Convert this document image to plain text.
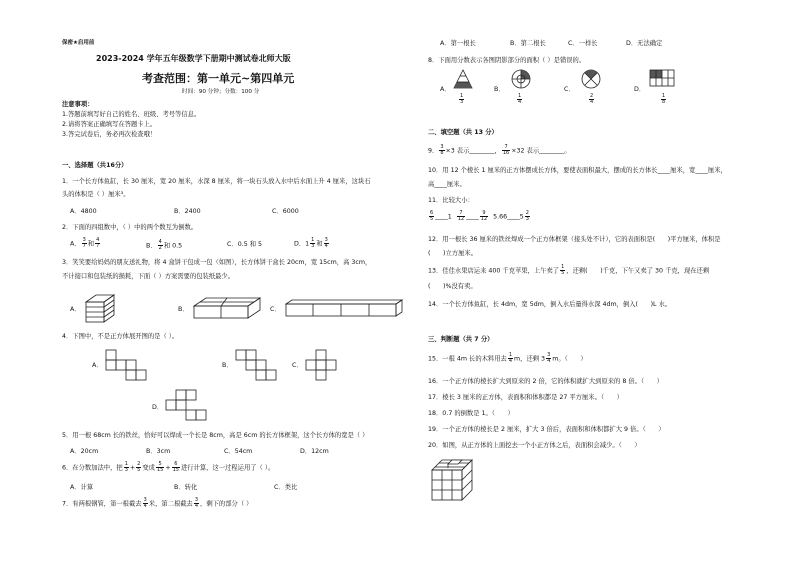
保密★启用前
2023-2024 学年五年级数学下册期中测试卷北师大版
考查范围：第一单元~第四单元
时间：90 分钟；分数：100 分
注意事项：
1.答题前填写好自己的姓名、班级、考号等信息。
2.请将答案正确填写在答题卡上。
3.答完试卷后，务必再次检查哦！
一、选择题（共16分）
1．一个长方体鱼缸，长 30 厘米，宽 20 厘米，水深 8 厘米，将一块石头放入水中后水面上升 4 厘米，这块石
头的体积是（ ）厘米³。
A．4800	B．2400	C．6000
2．下面的四组数中，（ ）中的两个数互为倒数。
A． $\frac{3}{7}$ 和 $\frac{4}{7}$	B． $\frac{4}{2}$ 和 0.5	C．0.5 和 5	D．$1 \frac{1}{3}$ 和 $\frac{3}{4}$
3．笑笑要给妈妈的朋友送礼物，将 4 盒饼干包成一包（如图），长方体饼干盒长 20cm，宽 15cm，高 3cm，
不计接口和包装纸的损耗，下面（ ）方案需要的包装纸最少。
A．	B．	C．
4．下图中，不是正方体展开图的是（ ）。
A．	B．	C．
D．
5．用一根 68cm 长的铁丝，恰好可以焊成一个长是 8cm，高是 6cm 的长方体框架，这个长方体的宽是（ ）
A．20cm	B．3cm	C．54cm	D．12cm
6．在分数加法中，把 $\frac{1}{3} + \frac{2}{5}$ 变成 $\frac{5}{15} + \frac{6}{15}$ 进行计算，这一过程运用了（ ）。
A．计算	B．转化	C．类比
7．有两根钢管，第一根截去 $\frac{3}{4}$ 米，第二根截去 $\frac{3}{4}$ ，剩下的部分（ ）
A．第一根长	B．第二根长	C．一样长	D．无法确定
8．下面用分数表示各图阴影部分的面积（ ）是错误的。
A．
$\frac{1}{3}$
B．
$\frac{1}{4}$
C．
$\frac{2}{4}$
D．
$\frac{1}{8}$
二、填空题（共 13 分）
9． $\frac{3}{8} \times 3$ 表示________， $\frac{7}{16} \times 32$ 表示________。
10．用 12 个棱长 1 厘米的正方体摆成长方体，要使表面积最大，摆成的长方体长____厘米，宽____厘米，
高____厘米。
11．比较大小：
$\frac{6}{5}$ ____1 $\frac{7}{12}$ ____ $\frac{9}{12}$ 5.66____5 $\frac{2}{3}$
12．用一根长 36 厘米的铁丝焊成一个正方体框架（接头处不计），它的表面积是(　　)平方厘米，体积是
(　　)立方厘米。
13．佳佳水果店运来 400 千克苹果，上午卖了 $\frac{1}{5}$ ，还剩(　　)千克，下午又卖了 30 千克，现在还剩
(　　)%没有卖。
14．一个长方体鱼缸，长 4dm，宽 5dm，倒入水后量得水深 4dm，倒入(　　)L 水。
三、判断题（共 7 分）
15．一根 4m 长的木料用去 $\frac{1}{4}$ m，还剩 $3 \frac{3}{4}$ m。（　　）
16．一个正方体的棱长扩大到原来的 2 倍，它的体积就扩大到原来的 8 倍。（　　）
17．棱长 3 厘米的正方体，表面积和体积都是 27 平方厘米。（　　）
18．0.7 的倒数是 1。（　　）
19．一个正方体的棱长是 2 厘米，扩大 3 倍后，表面积和体积都扩大 9 倍。（　　）
20．如图，从正方体的上面挖去一个小正方体之后，表面积会减少。（　　）
